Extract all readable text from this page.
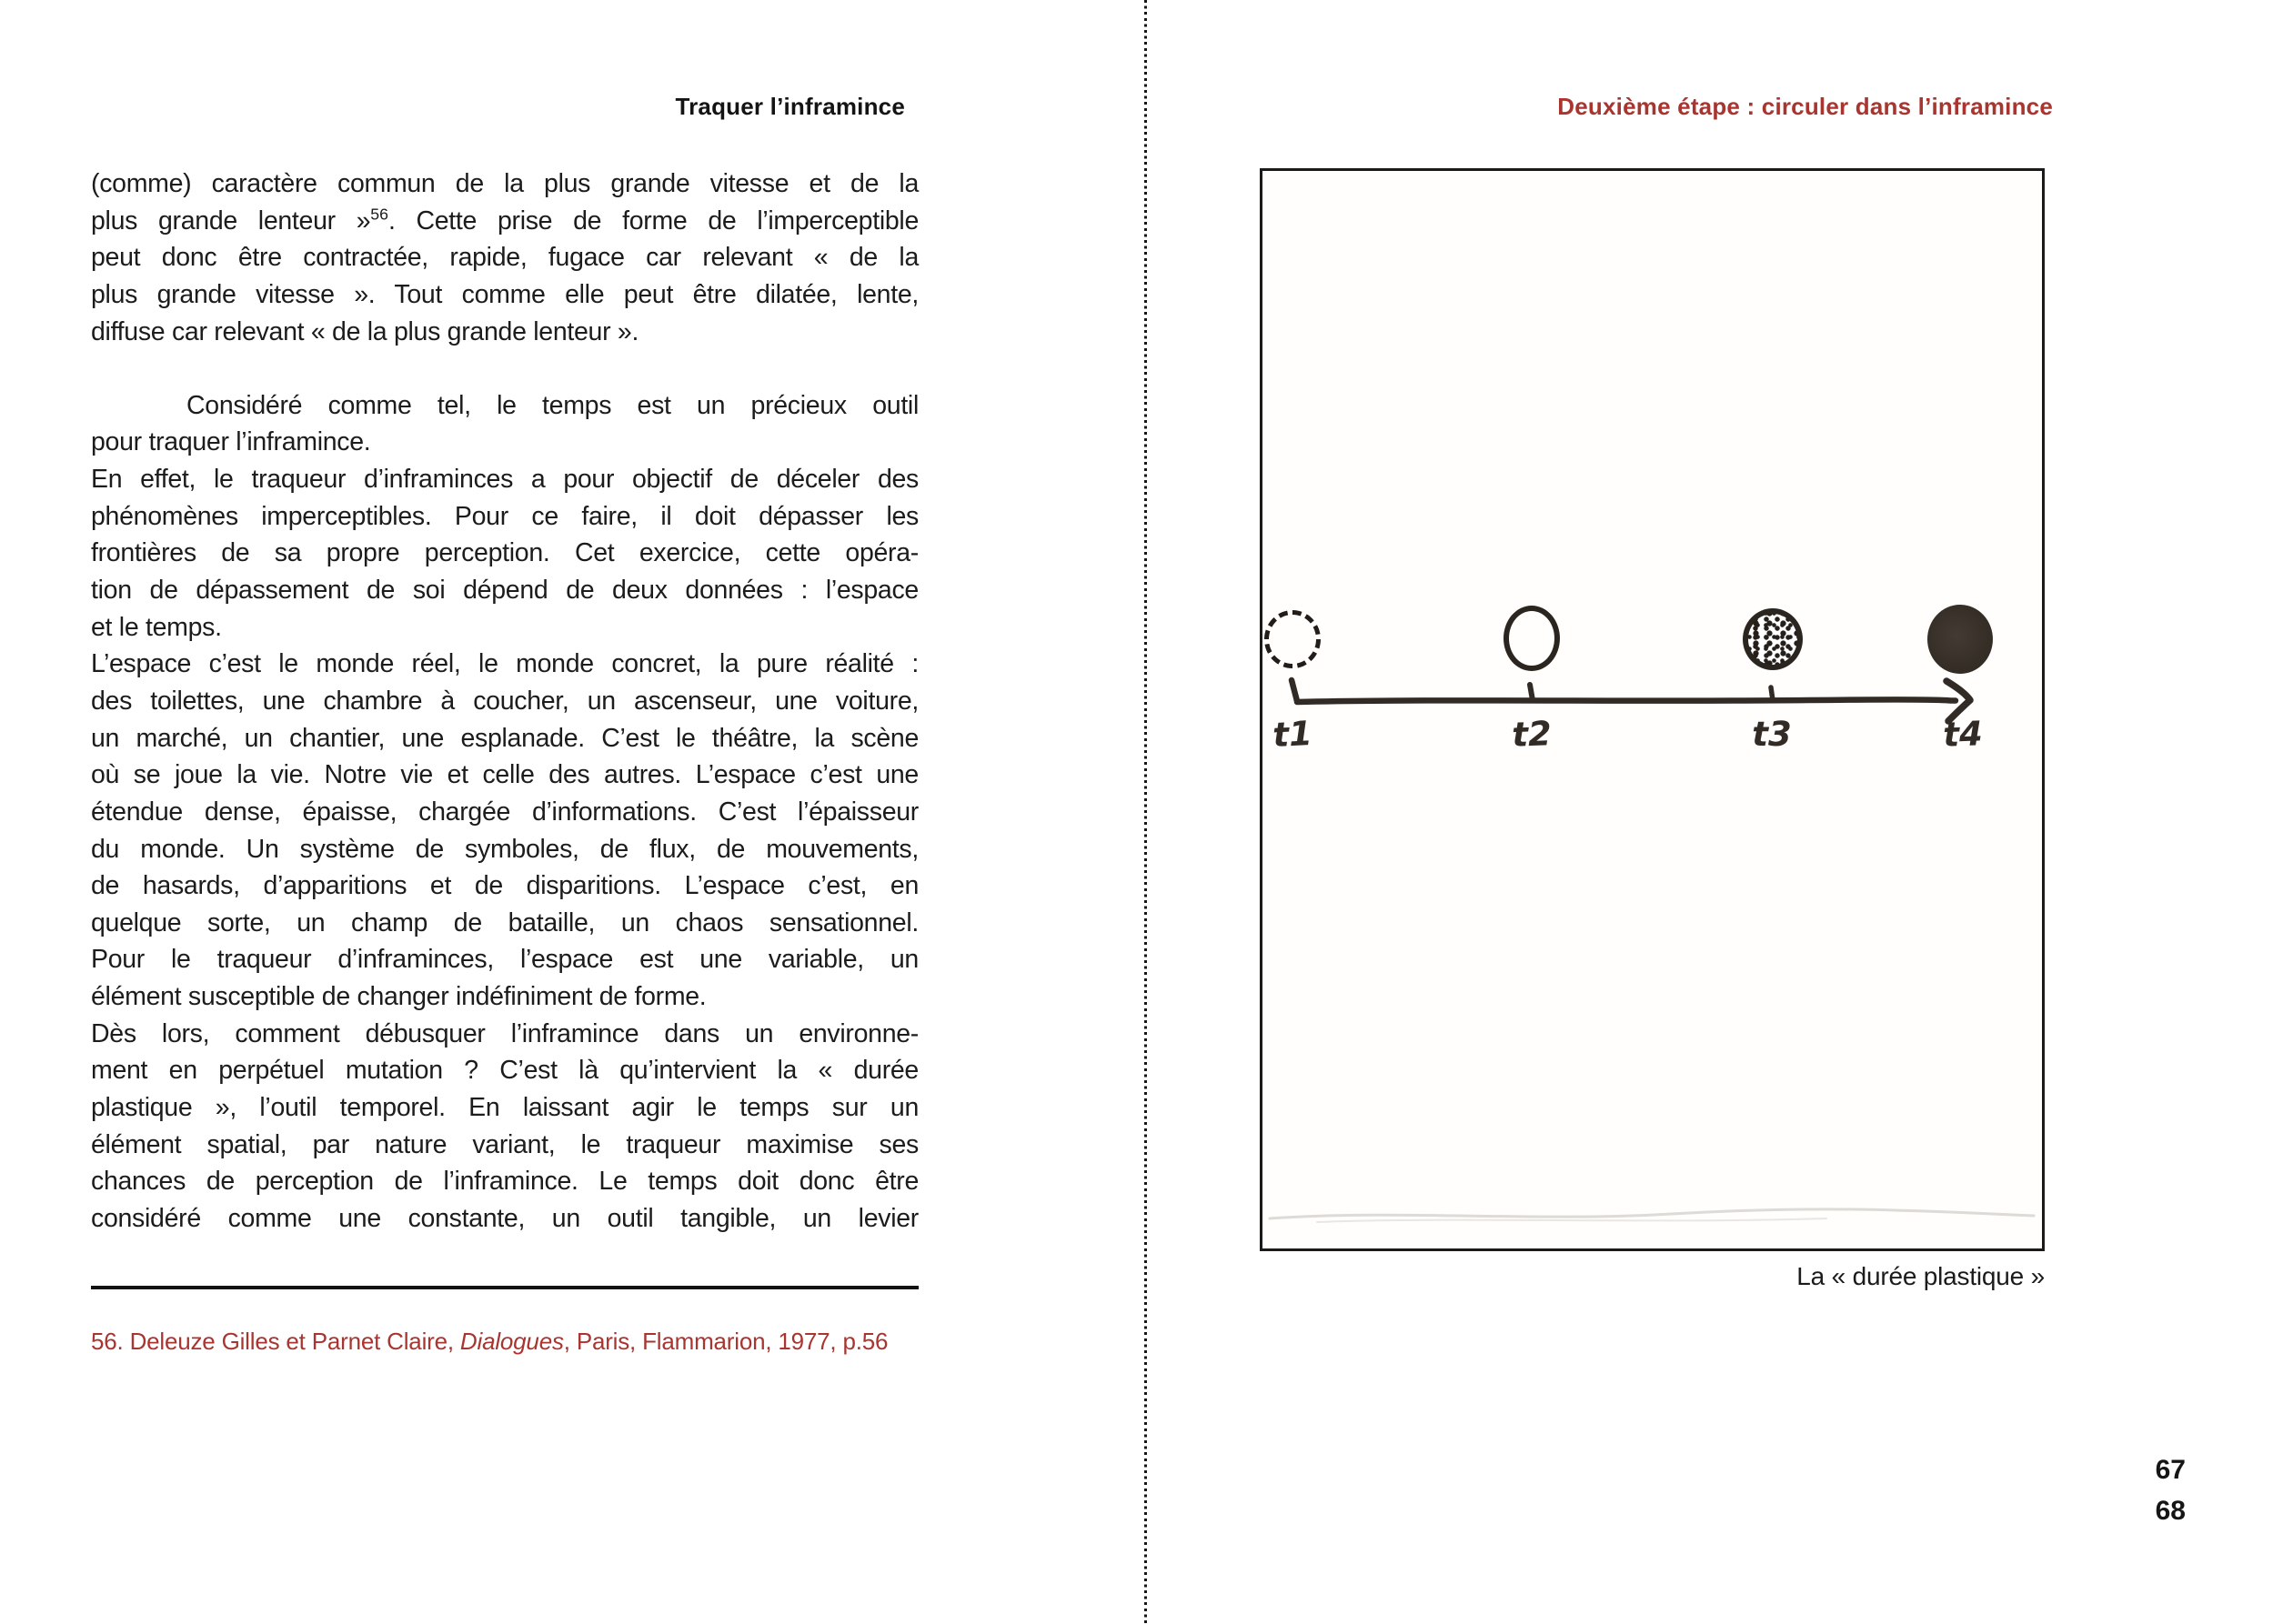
Traquer l’inframince
(comme) caractère commun de la plus grande vitesse et de la
plus grande lenteur »$^{56}$. Cette prise de forme de l’imperceptible
peut donc être contractée, rapide, fugace car relevant « de la
plus grande vitesse ». Tout comme elle peut être dilatée, lente,
diffuse car relevant « de la plus grande lenteur ».
Considéré comme tel, le temps est un précieux outil
pour traquer l’inframince.
En effet, le traqueur d’inframinces a pour objectif de déceler des
phénomènes imperceptibles. Pour ce faire, il doit dépasser les
frontières de sa propre perception. Cet exercice, cette opéra-
tion de dépassement de soi dépend de deux données : l’espace
et le temps.
L’espace c’est le monde réel, le monde concret, la pure réalité :
des toilettes, une chambre à coucher, un ascenseur, une voiture,
un marché, un chantier, une esplanade. C’est le théâtre, la scène
où se joue la vie. Notre vie et celle des autres. L’espace c’est une
étendue dense, épaisse, chargée d’informations. C’est l’épaisseur
du monde. Un système de symboles, de flux, de mouvements,
de hasards, d’apparitions et de disparitions. L’espace c’est, en
quelque sorte, un champ de bataille, un chaos sensationnel.
Pour le traqueur d’inframinces, l’espace est une variable, un
élément susceptible de changer indéfiniment de forme.
Dès lors, comment débusquer l’inframince dans un environne-
ment en perpétuel mutation ? C’est là qu’intervient la « durée
plastique », l’outil temporel. En laissant agir le temps sur un
élément spatial, par nature variant, le traqueur maximise ses
chances de perception de l’inframince. Le temps doit donc être
considéré comme une constante, un outil tangible, un levier
56. Deleuze Gilles et Parnet Claire, Dialogues, Paris, Flammarion, 1977, p.56
Deuxième étape : circuler dans l’inframince
t1	t2	t3	t4
La « durée plastique »
67
68
